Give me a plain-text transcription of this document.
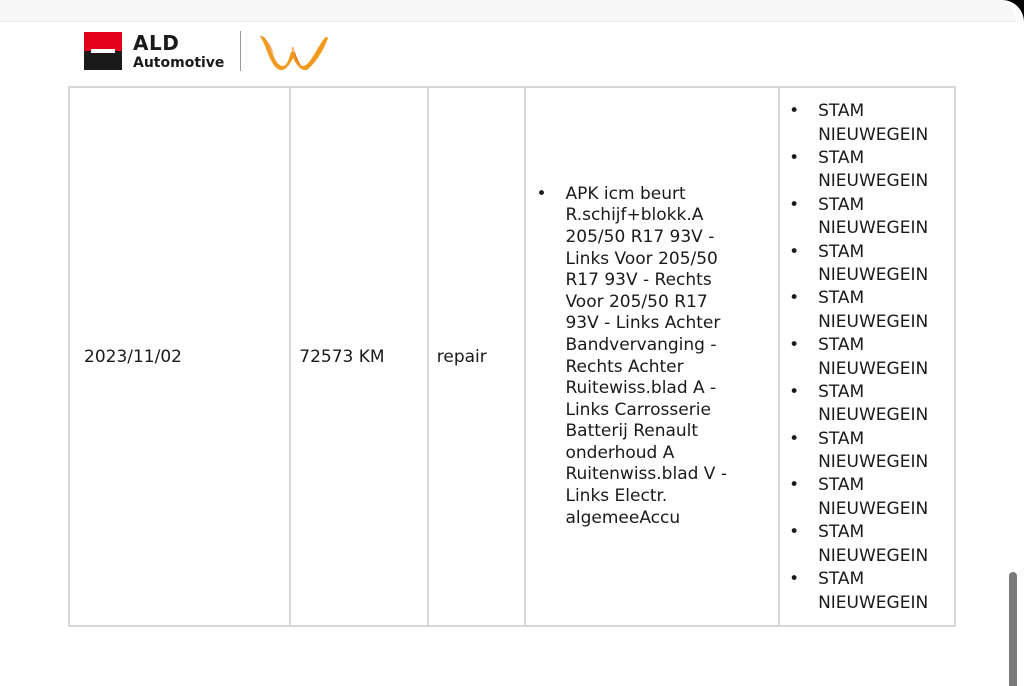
ALD
Automotive
LeasePlan
2023/11/02	72573 KM	repair	
•	APK icm beurt
R.schijf+blokk.A
205/50 R17 93V -
Links Voor 205/50
R17 93V - Rechts
Voor 205/50 R17
93V - Links Achter
Bandvervanging -
Rechts Achter
Ruitewiss.blad A -
Links Carrosserie
Batterij Renault
onderhoud A
Ruitenwiss.blad V -
Links Electr.
algemeeAccu

•	STAM
NIEUWEGEIN
•	STAM
NIEUWEGEIN
•	STAM
NIEUWEGEIN
•	STAM
NIEUWEGEIN
•	STAM
NIEUWEGEIN
•	STAM
NIEUWEGEIN
•	STAM
NIEUWEGEIN
•	STAM
NIEUWEGEIN
•	STAM
NIEUWEGEIN
•	STAM
NIEUWEGEIN
•	STAM
NIEUWEGEIN
